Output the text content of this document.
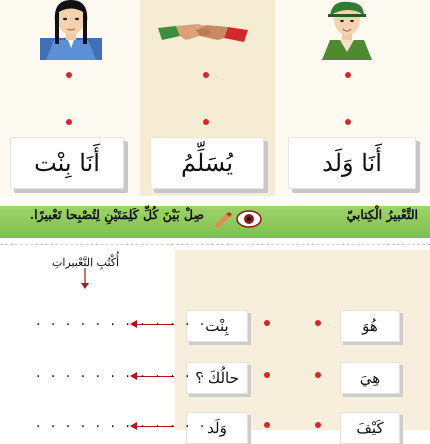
أَنَا بِنْت	يُسَلِّمُ	أَنَا وَلَد
التَّعْبيرُ الْكِتابيّ
صِلْ بَيْنَ كُلِّ كَلِمَتَيْنِ لِتُصْبِحا تَعْبيرًا.
أُكْتُبِ التَّعْبيراتِ
هُوَ
هِيَ
كَيْفَ
بِنْت
حالُكَ ؟
وَلَد
. . . . . . . . . . . .
. . . . . . . . . . . .
. . . . . . . . . . . .
